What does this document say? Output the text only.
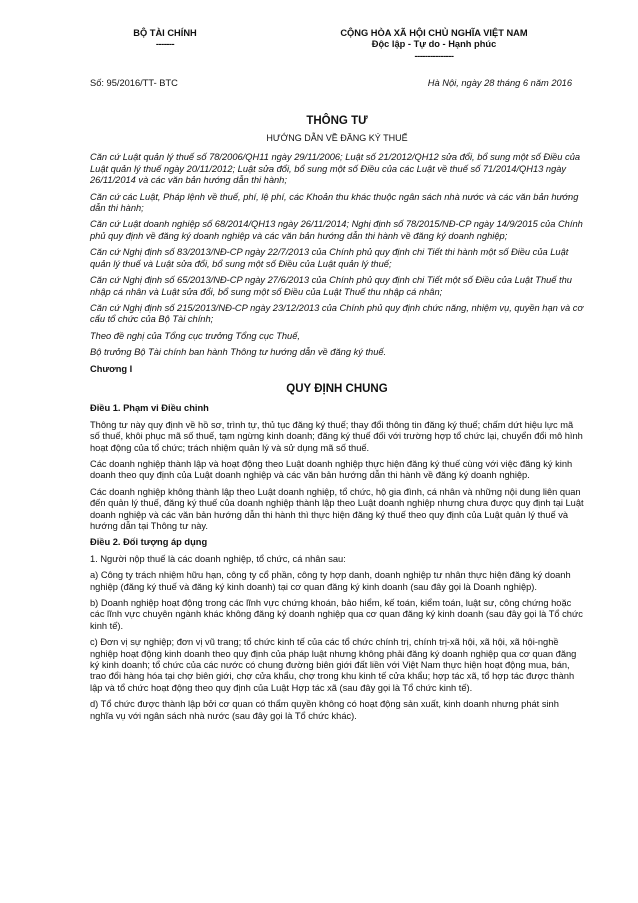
BỘ TÀI CHÍNH
-------
CỘNG HÒA XÃ HỘI CHỦ NGHĨA VIỆT NAM
Độc lập - Tự do - Hạnh phúc
---------------
Số: 95/2016/TT- BTC	Hà Nội, ngày 28 tháng 6 năm 2016
THÔNG TƯ
HƯỚNG DẪN VỀ ĐĂNG KÝ THUẾ

Căn cứ Luật quản lý thuế số 78/2006/QH11 ngày 29/11/2006; Luật số 21/2012/QH12 sửa đổi, bổ sung một số Điều của Luật quản lý thuế ngày 20/11/2012; Luật sửa đổi, bổ sung một số Điều của các Luật về thuế số 71/2014/QH13 ngày 26/11/2014 và các văn bản hướng dẫn thi hành;

Căn cứ các Luật, Pháp lệnh về thuế, phí, lệ phí, các Khoản thu khác thuộc ngân sách nhà nước và các văn bản hướng dẫn thi hành;

Căn cứ Luật doanh nghiệp số 68/2014/QH13 ngày 26/11/2014; Nghị định số 78/2015/NĐ-CP ngày 14/9/2015 của Chính phủ quy định về đăng ký doanh nghiệp và các văn bản hướng dẫn thi hành về đăng ký doanh nghiệp;

Căn cứ Nghị định số 83/2013/NĐ-CP ngày 22/7/2013 của Chính phủ quy định chi Tiết thi hành một số Điều của Luật quản lý thuế và Luật sửa đổi, bổ sung một số Điều của Luật quản lý thuế;

Căn cứ Nghị định số 65/2013/NĐ-CP ngày 27/6/2013 của Chính phủ quy định chi Tiết một số Điều của Luật Thuế thu nhập cá nhân và Luật sửa đổi, bổ sung một số Điều của Luật Thuế thu nhập cá nhân;

Căn cứ Nghị định số 215/2013/NĐ-CP ngày 23/12/2013 của Chính phủ quy định chức năng, nhiệm vụ, quyền hạn và cơ cấu tổ chức của Bộ Tài chính;

Theo đề nghị của Tổng cục trưởng Tổng cục Thuế,

Bộ trưởng Bộ Tài chính ban hành Thông tư hướng dẫn về đăng ký thuế.

Chương I

QUY ĐỊNH CHUNG

Điều 1. Phạm vi Điều chỉnh

Thông tư này quy định về hồ sơ, trình tự, thủ tục đăng ký thuế; thay đổi thông tin đăng ký thuế; chấm dứt hiệu lực mã số thuế, khôi phục mã số thuế, tạm ngừng kinh doanh; đăng ký thuế đối với trường hợp tổ chức lại, chuyển đổi mô hình hoạt động của tổ chức; trách nhiệm quản lý và sử dụng mã số thuế.

Các doanh nghiệp thành lập và hoạt động theo Luật doanh nghiệp thực hiện đăng ký thuế cùng với việc đăng ký kinh doanh theo quy định của Luật doanh nghiệp và các văn bản hướng dẫn thi hành về đăng ký doanh nghiệp.

Các doanh nghiệp không thành lập theo Luật doanh nghiệp, tổ chức, hộ gia đình, cá nhân và những nội dung liên quan đến quản lý thuế, đăng ký thuế của doanh nghiệp thành lập theo Luật doanh nghiệp nhưng chưa được quy định tại Luật doanh nghiệp và các văn bản hướng dẫn thi hành thì thực hiện đăng ký thuế theo quy định của Luật quản lý thuế và hướng dẫn tại Thông tư này.

Điều 2. Đối tượng áp dụng

1. Người nộp thuế là các doanh nghiệp, tổ chức, cá nhân sau:

a) Công ty trách nhiệm hữu hạn, công ty cổ phần, công ty hợp danh, doanh nghiệp tư nhân thực hiện đăng ký doanh nghiệp (đăng ký thuế và đăng ký kinh doanh) tại cơ quan đăng ký kinh doanh (sau đây gọi là Doanh nghiệp).

b) Doanh nghiệp hoạt động trong các lĩnh vực chứng khoán, bảo hiểm, kế toán, kiểm toán, luật sư, công chứng hoặc các lĩnh vực chuyên ngành khác không đăng ký doanh nghiệp qua cơ quan đăng ký kinh doanh (sau đây gọi là Tổ chức kinh tế).

c) Đơn vị sự nghiệp; đơn vị vũ trang; tổ chức kinh tế của các tổ chức chính trị, chính trị-xã hội, xã hội, xã hội-nghề nghiệp hoạt động kinh doanh theo quy định của pháp luật nhưng không phải đăng ký doanh nghiệp qua cơ quan đăng ký kinh doanh; tổ chức của các nước có chung đường biên giới đất liền với Việt Nam thực hiện hoạt động mua, bán, trao đổi hàng hóa tại chợ biên giới, chợ cửa khẩu, chợ trong khu kinh tế cửa khẩu; hợp tác xã, tổ hợp tác được thành lập và tổ chức hoạt động theo quy định của Luật Hợp tác xã (sau đây gọi là Tổ chức kinh tế).

d) Tổ chức được thành lập bởi cơ quan có thẩm quyền không có hoạt động sản xuất, kinh doanh nhưng phát sinh nghĩa vụ với ngân sách nhà nước (sau đây gọi là Tổ chức khác).
